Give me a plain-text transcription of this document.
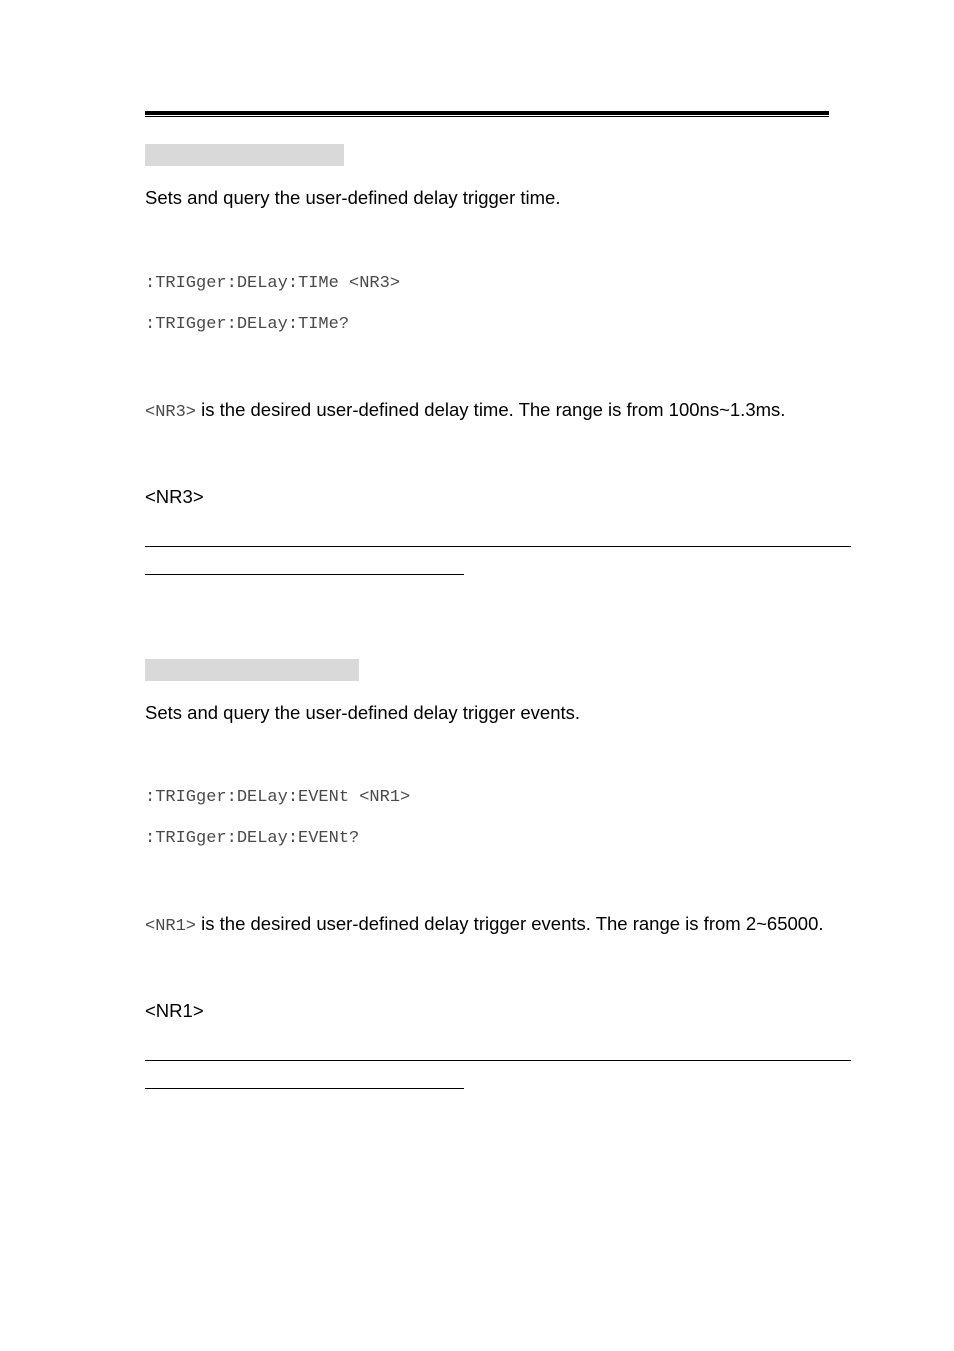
Sets and query the user-defined delay trigger time.
:TRIGger:DELay:TIMe <NR3>
:TRIGger:DELay:TIMe?
<NR3> is the desired user-defined delay time. The range is from 100ns~1.3ms.
<NR3>
Sets and query the user-defined delay trigger events.
:TRIGger:DELay:EVENt <NR1>
:TRIGger:DELay:EVENt?
<NR1> is the desired user-defined delay trigger events. The range is from 2~65000.
<NR1>
